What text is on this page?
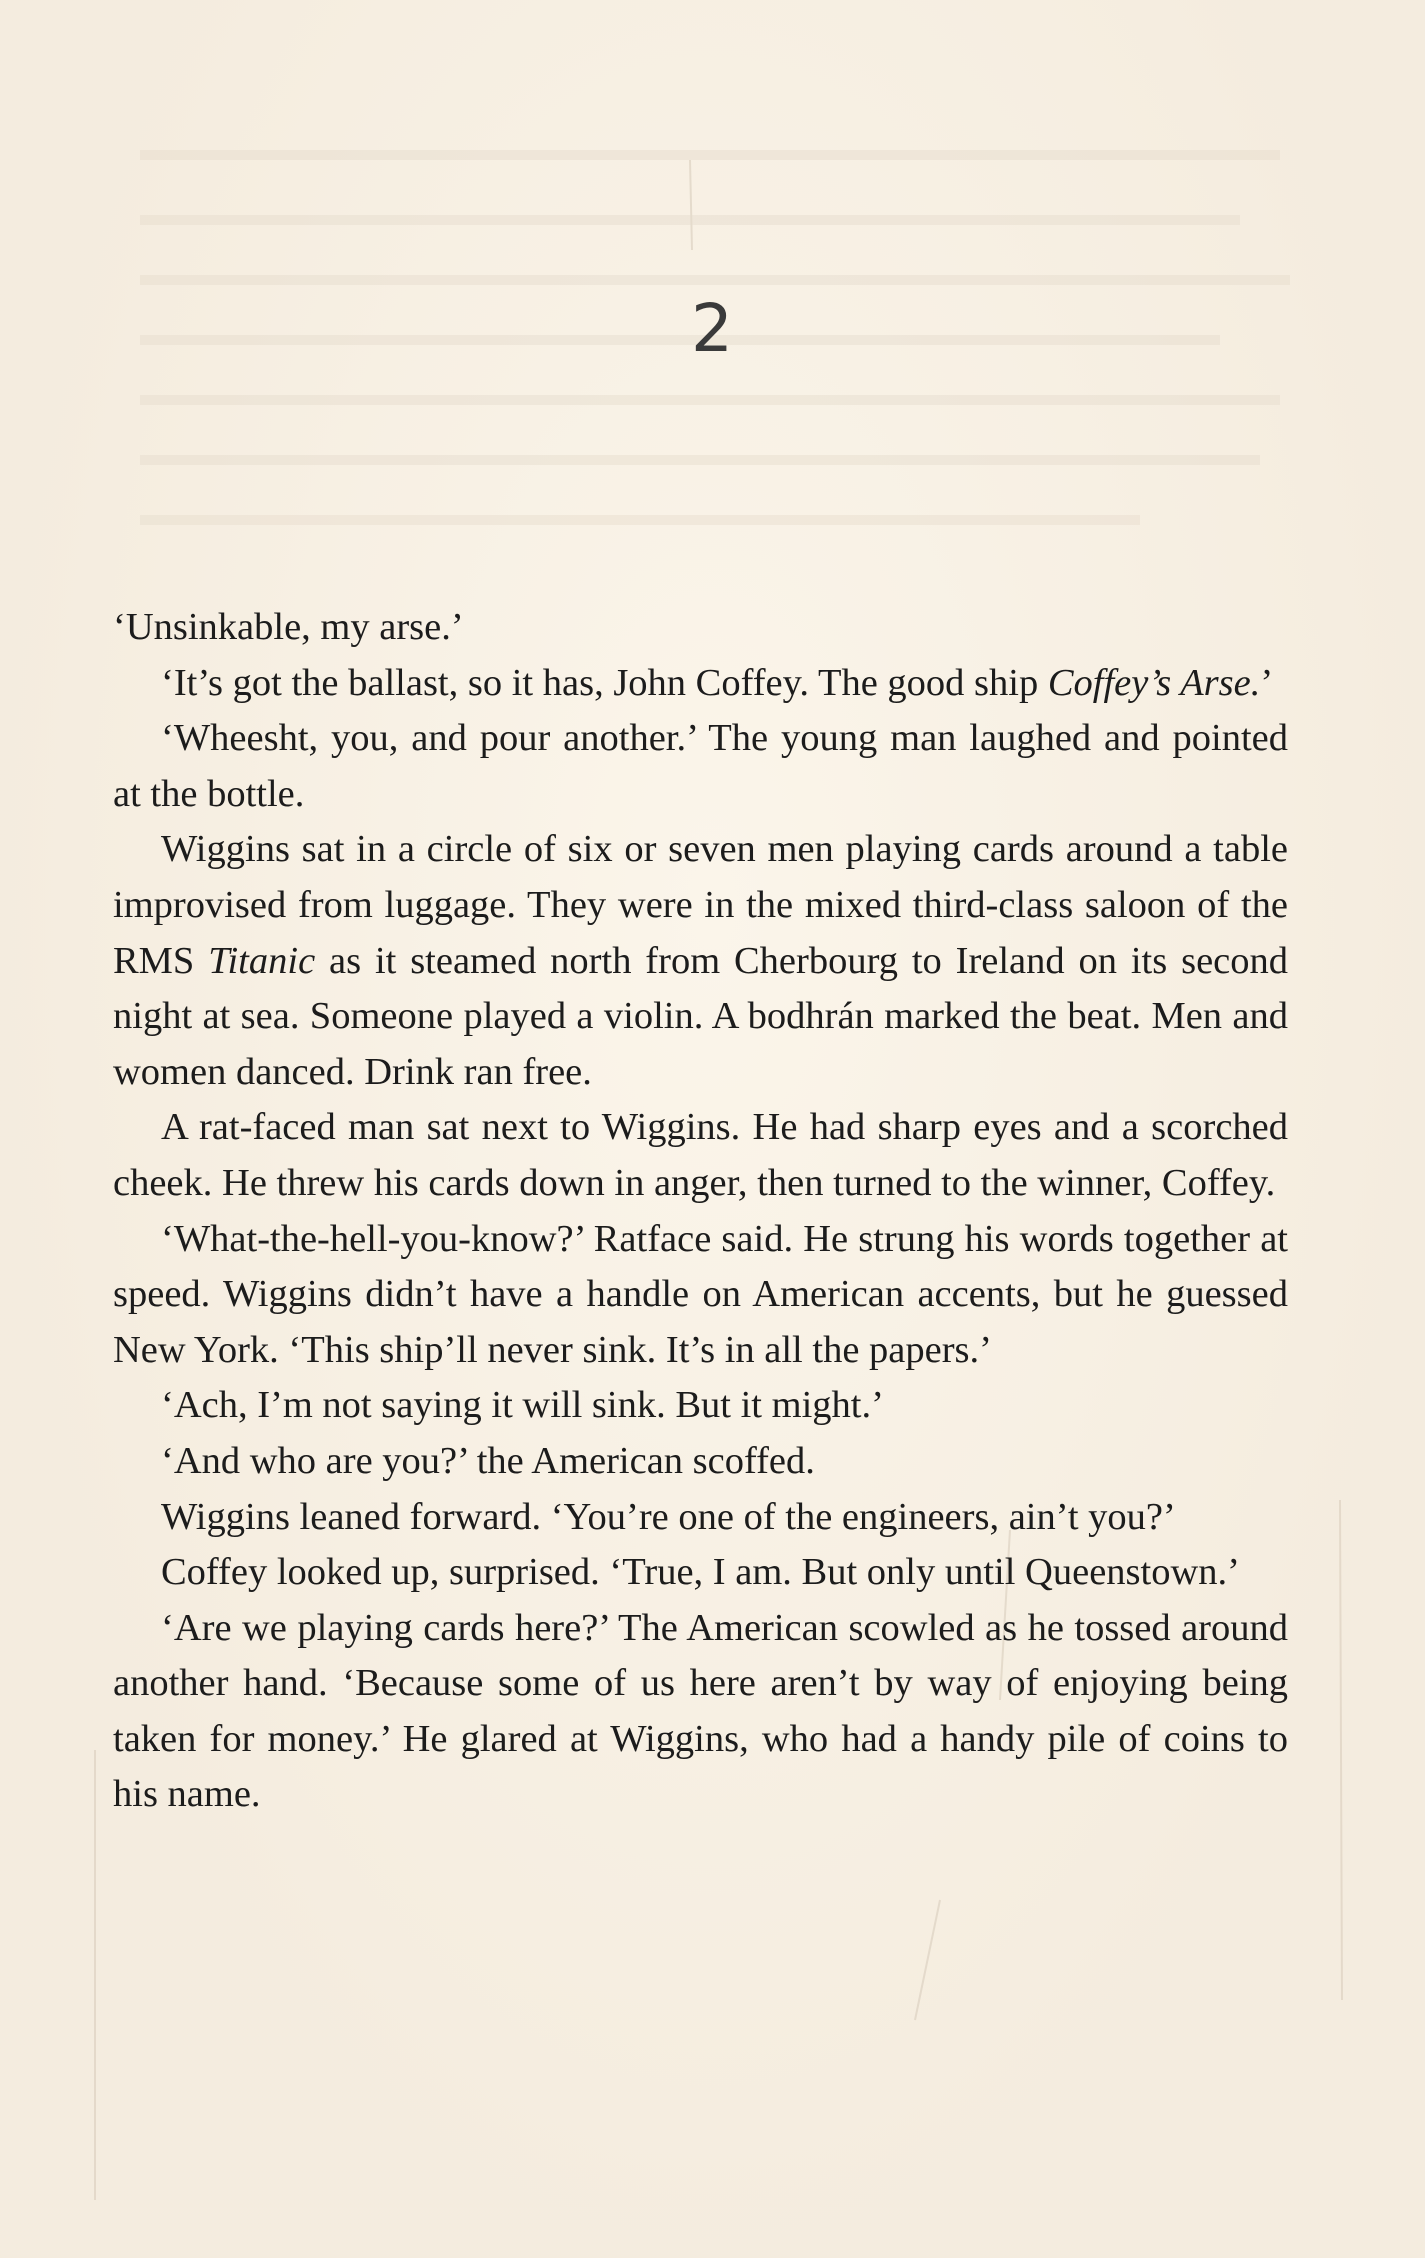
2

‘Unsinkable, my arse.’

‘It’s got the ballast, so it has, John Coffey. The good ship Coffey’s Arse.’

‘Wheesht, you, and pour another.’ The young man laughed and pointed at the bottle.

Wiggins sat in a circle of six or seven men playing cards around a table improvised from luggage. They were in the mixed third-class saloon of the RMS Titanic as it steamed north from Cherbourg to Ireland on its second night at sea. Someone played a violin. A bodhrán marked the beat. Men and women danced. Drink ran free.

A rat-faced man sat next to Wiggins. He had sharp eyes and a scorched cheek. He threw his cards down in anger, then turned to the winner, Coffey.

‘What-the-hell-you-know?’ Ratface said. He strung his words together at speed. Wiggins didn’t have a handle on American accents, but he guessed New York. ‘This ship’ll never sink. It’s in all the papers.’

‘Ach, I’m not saying it will sink. But it might.’

‘And who are you?’ the American scoffed.

Wiggins leaned forward. ‘You’re one of the engineers, ain’t you?’

Coffey looked up, surprised. ‘True, I am. But only until Queenstown.’

‘Are we playing cards here?’ The American scowled as he tossed around another hand. ‘Because some of us here aren’t by way of enjoying being taken for money.’ He glared at Wiggins, who had a handy pile of coins to his name.
